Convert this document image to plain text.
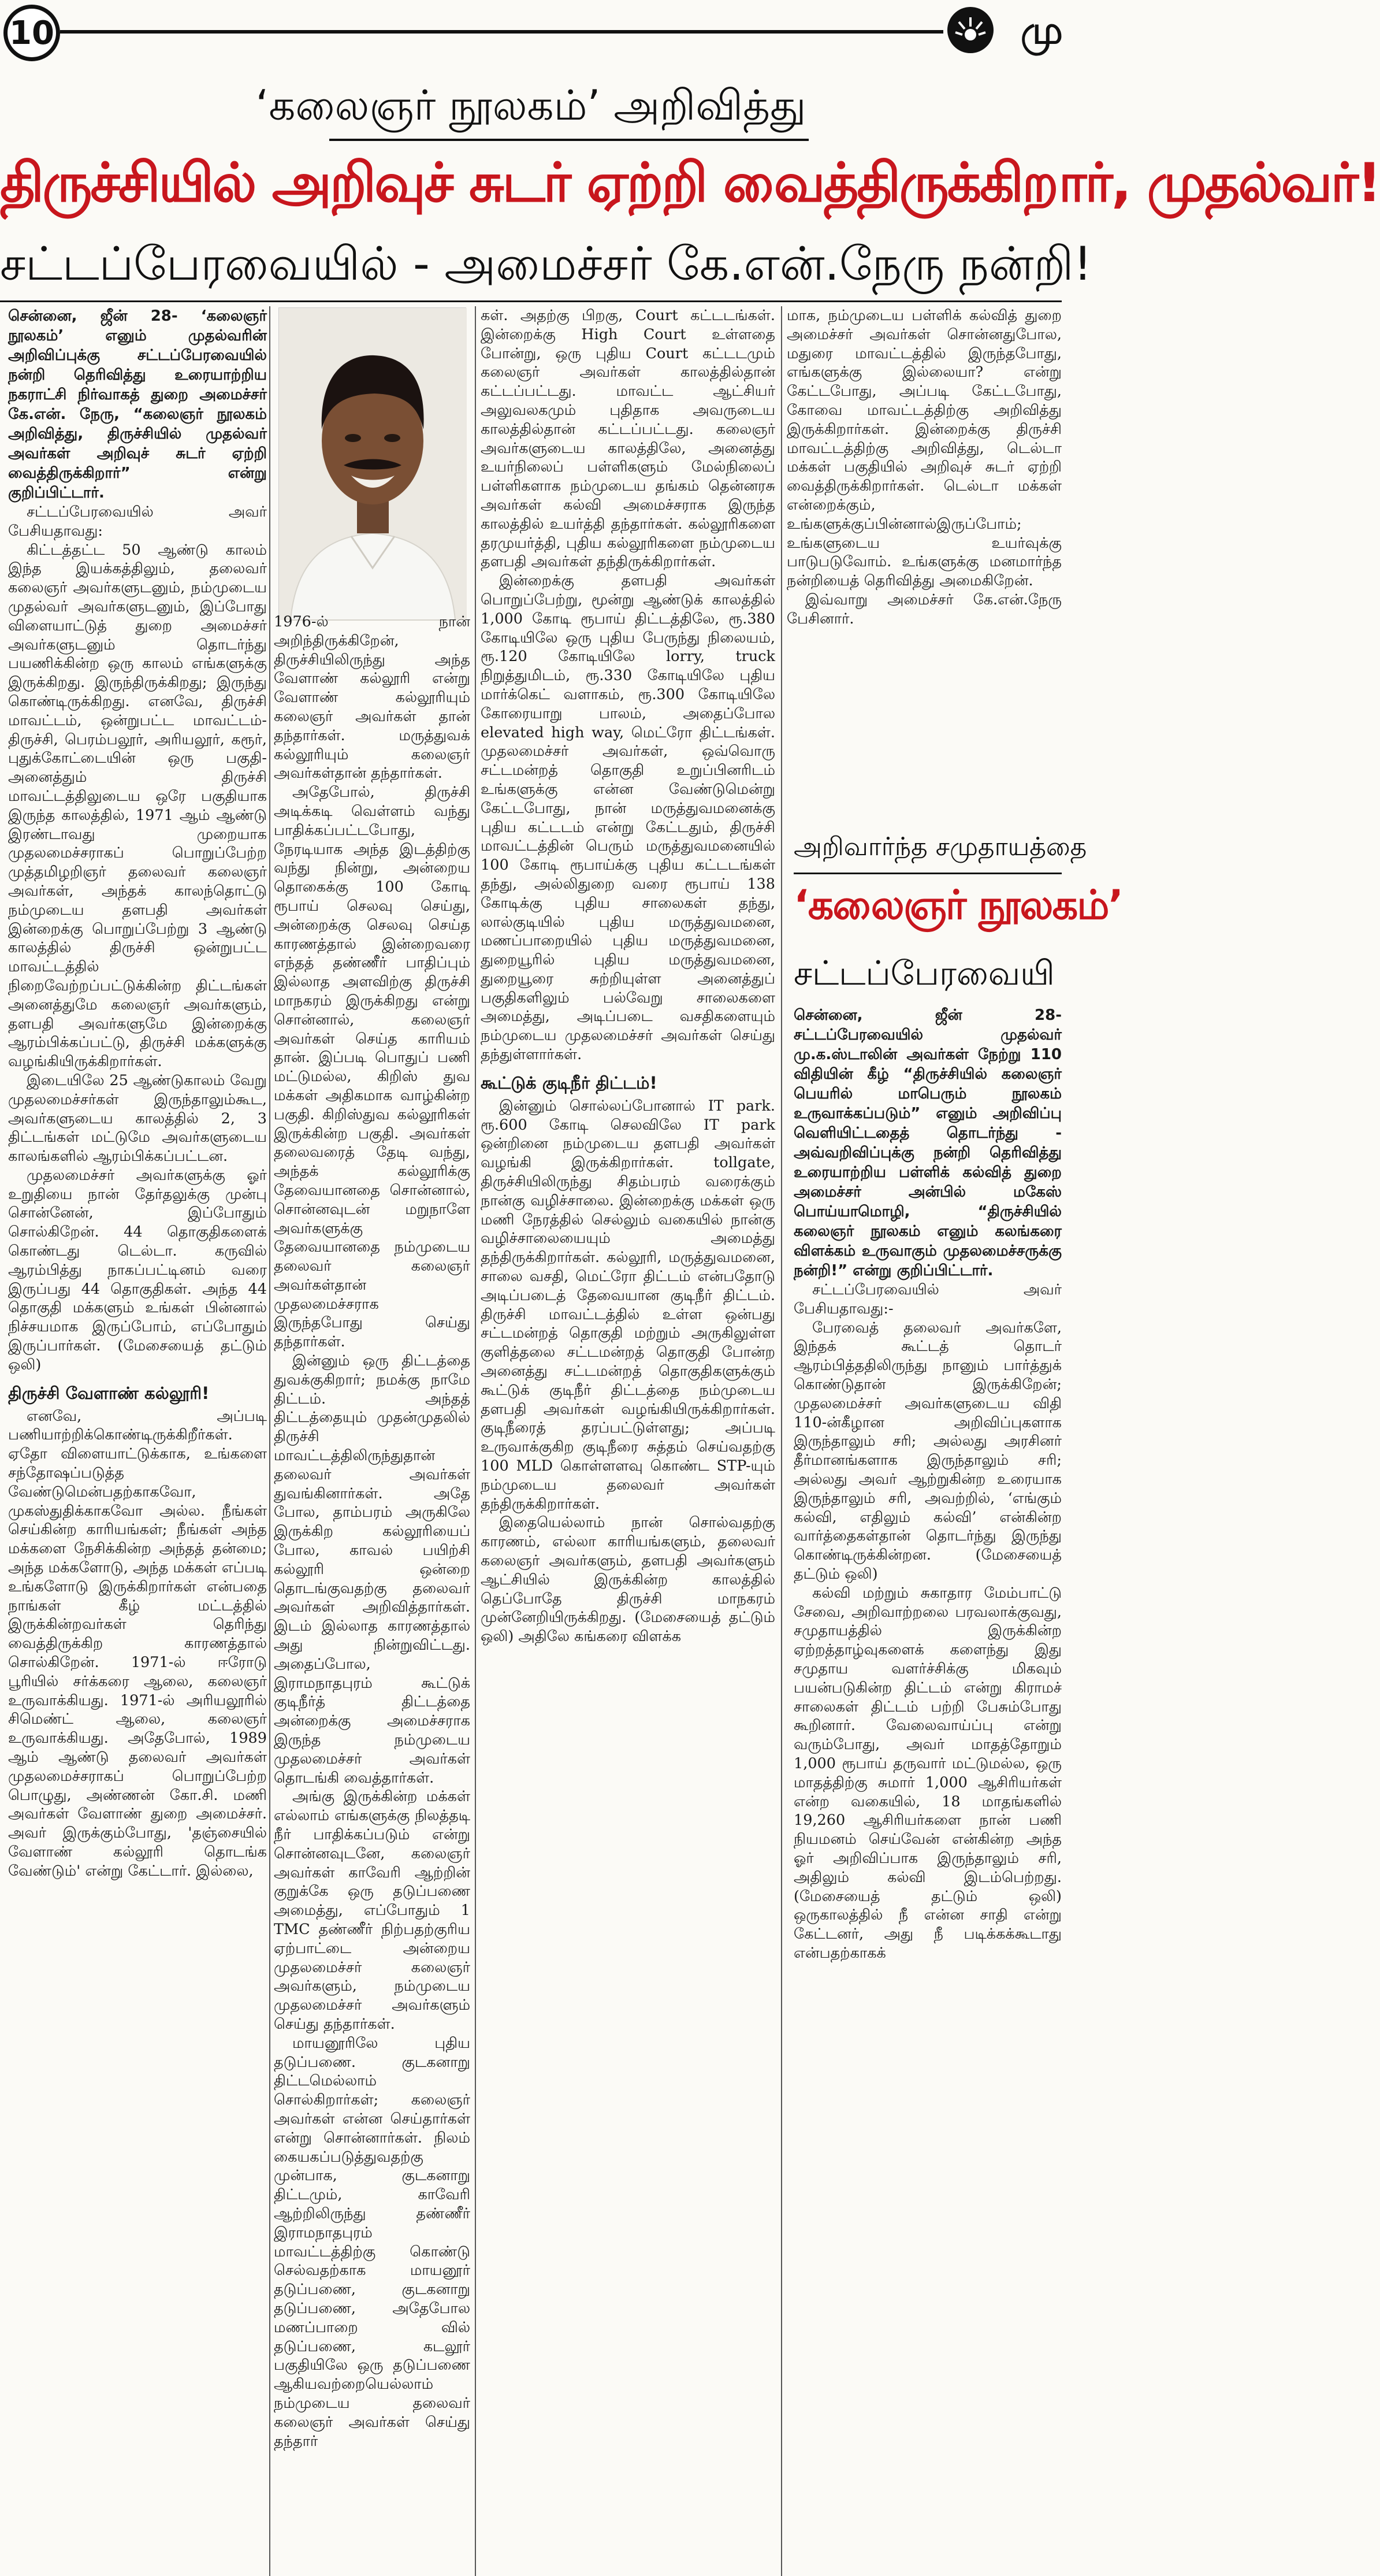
10	மு
‘கலைஞர் நூலகம்’ அறிவித்து
திருச்சியில் அறிவுச் சுடர் ஏற்றி வைத்திருக்கிறார், முதல்வர்!
சட்டப்பேரவையில் - அமைச்சர் கே.என்.நேரு நன்றி!

சென்னை, ஜீன் 28- ‘கலைஞர் நூலகம்’ எனும் முதல்வரின் அறிவிப்புக்கு சட்டப்பேரவையில் நன்றி தெரிவித்து உரையாற்றிய நகராட்சி நிர்வாகத் துறை அமைச்சர் கே.என். நேரு, “கலைஞர் நூலகம் அறிவித்து, திருச்சியில் முதல்வர் அவர்கள் அறிவுச் சுடர் ஏற்றி வைத்திருக்கிறார்” என்று குறிப்பிட்டார்.

சட்டப்பேரவையில் அவர் பேசியதாவது:

கிட்டத்தட்ட 50 ஆண்டு காலம் இந்த இயக்கத்திலும், தலைவர் கலைஞர் அவர்களுடனும், நம்முடைய முதல்வர் அவர்களுடனும், இப்போது விளையாட்டுத் துறை அமைச்சர் அவர்களுடனும் தொடர்ந்து பயணிக்கின்ற ஒரு காலம் எங்களுக்கு இருக்கிறது. இருந்திருக்கிறது; இருந்து கொண்டிருக்கிறது. எனவே, திருச்சி மாவட்டம், ஒன்றுபட்ட மாவட்டம்-திருச்சி, பெரம்பலூர், அரியலூர், கரூர், புதுக்கோட்டையின் ஒரு பகுதி-அனைத்தும் திருச்சி மாவட்டத்திலுடைய ஒரே பகுதியாக இருந்த காலத்தில், 1971 ஆம் ஆண்டு இரண்டாவது முறையாக முதலமைச்சராகப் பொறுப்பேற்ற முத்தமிழறிஞர் தலைவர் கலைஞர் அவர்கள், அந்தக் காலந்தொட்டு நம்முடைய தளபதி அவர்கள் இன்றைக்கு பொறுப்பேற்று 3 ஆண்டு காலத்தில் திருச்சி ஒன்றுபட்ட மாவட்டத்தில் நிறைவேற்றப்பட்டுக்கின்ற திட்டங்கள் அனைத்துமே கலைஞர் அவர்களும், தளபதி அவர்களுமே இன்றைக்கு ஆரம்பிக்கப்பட்டு, திருச்சி மக்களுக்கு வழங்கியிருக்கிறார்கள்.

இடையிலே 25 ஆண்டுகாலம் வேறு முதலமைச்சர்கள் இருந்தாலும்கூட, அவர்களுடைய காலத்தில் 2, 3 திட்டங்கள் மட்டுமே அவர்களுடைய காலங்களில் ஆரம்பிக்கப்பட்டன.

முதலமைச்சர் அவர்களுக்கு ஓர் உறுதியை நான் தேர்தலுக்கு முன்பு சொன்னேன், இப்போதும் சொல்கிறேன். 44 தொகுதிகளைக் கொண்டது டெல்டா. கருவில் ஆரம்பித்து நாகப்பட்டினம் வரை இருப்பது 44 தொகுதிகள். அந்த 44 தொகுதி மக்களும் உங்கள் பின்னால் நிச்சயமாக இருப்போம், எப்போதும் இருப்பார்கள். (மேசையைத் தட்டும் ஒலி)

திருச்சி வேளாண் கல்லூரி!

எனவே, அப்படி பணியாற்றிக்கொண்டிருக்கிறீர்கள். ஏதோ விளையாட்டுக்காக, உங்களை சந்தோஷப்படுத்த வேண்டுமென்பதற்காகவோ, முகஸ்துதிக்காகவோ அல்ல. நீங்கள் செய்கின்ற காரியங்கள்; நீங்கள் அந்த மக்களை நேசிக்கின்ற அந்தத் தன்மை; அந்த மக்களோடு, அந்த மக்கள் எப்படி உங்களோடு இருக்கிறார்கள் என்பதை நாங்கள் கீழ் மட்டத்தில் இருக்கின்றவர்கள் தெரிந்து வைத்திருக்கிற காரணத்தால் சொல்கிறேன். 1971-ல் ஈரோடு பூரியில் சர்க்கரை ஆலை, கலைஞர் உருவாக்கியது. 1971-ல் அரியலூரில் சிமெண்ட் ஆலை, கலைஞர் உருவாக்கியது. அதேபோல், 1989 ஆம் ஆண்டு தலைவர் அவர்கள் முதலமைச்சராகப் பொறுப்பேற்ற பொழுது, அண்ணன் கோ.சி. மணி அவர்கள் வேளாண் துறை அமைச்சர். அவர் இருக்கும்போது, 'தஞ்சையில் வேளாண் கல்லூரி தொடங்க வேண்டும்' என்று கேட்டார். இல்லை,

1976-ல் நான் அறிந்திருக்கிறேன், திருச்சியிலிருந்து அந்த வேளாண் கல்லூரி என்று வேளாண் கல்லூரியும் கலைஞர் அவர்கள் தான் தந்தார்கள். மருத்துவக் கல்லூரியும் கலைஞர் அவர்கள்தான் தந்தார்கள்.

அதேபோல், திருச்சி அடிக்கடி வெள்ளம் வந்து பாதிக்கப்பட்டபோது, நேரடியாக அந்த இடத்திற்கு வந்து நின்று, அன்றைய தொகைக்கு 100 கோடி ரூபாய் செலவு செய்து, அன்றைக்கு செலவு செய்த காரணத்தால் இன்றைவரை எந்தத் தண்ணீர் பாதிப்பும் இல்லாத அளவிற்கு திருச்சி மாநகரம் இருக்கிறது என்று சொன்னால், கலைஞர் அவர்கள் செய்த காரியம் தான். இப்படி பொதுப் பணி மட்டுமல்ல, கிறிஸ் துவ மக்கள் அதிகமாக வாழ்கின்ற பகுதி. கிறிஸ்துவ கல்லூரிகள் இருக்கின்ற பகுதி. அவர்கள் தலைவரைத் தேடி வந்து, அந்தக் கல்லூரிக்கு தேவையானதை சொன்னால், சொன்னவுடன் மறுநாளே அவர்களுக்கு தேவையானதை நம்முடைய தலைவர் கலைஞர் அவர்கள்தான் முதலமைச்சராக இருந்தபோது செய்து தந்தார்கள்.

இன்னும் ஒரு திட்டத்தை துவக்குகிறார்; நமக்கு நாமே திட்டம். அந்தத் திட்டத்தையும் முதன்முதலில் திருச்சி மாவட்டத்திலிருந்துதான் தலைவர் அவர்கள் துவங்கினார்கள். அதே போல, தாம்பரம் அருகிலே இருக்கிற கல்லூரியைப் போல, காவல் பயிற்சி கல்லூரி ஒன்றை தொடங்குவதற்கு தலைவர் அவர்கள் அறிவித்தார்கள். இடம் இல்லாத காரணத்தால் அது நின்றுவிட்டது. அதைப்போல, இராமநாதபுரம் கூட்டுக் குடிநீர்த் திட்டத்தை அன்றைக்கு அமைச்சராக இருந்த நம்முடைய முதலமைச்சர் அவர்கள் தொடங்கி வைத்தார்கள்.

அங்கு இருக்கின்ற மக்கள் எல்லாம் எங்களுக்கு நிலத்தடி நீர் பாதிக்கப்படும் என்று சொன்னவுடனே, கலைஞர் அவர்கள் காவேரி ஆற்றின் குறுக்கே ஒரு தடுப்பணை அமைத்து, எப்போதும் 1 TMC தண்ணீர் நிற்பதற்குரிய ஏற்பாட்டை அன்றைய முதலமைச்சர் கலைஞர் அவர்களும், நம்முடைய முதலமைச்சர் அவர்களும் செய்து தந்தார்கள்.

மாயனூரிலே புதிய தடுப்பணை. குடகனாறு திட்டமெல்லாம் சொல்கிறார்கள்; கலைஞர் அவர்கள் என்ன செய்தார்கள் என்று சொன்னார்கள். நிலம் கையகப்படுத்துவதற்கு முன்பாக, குடகனாறு திட்டமும், காவேரி ஆற்றிலிருந்து தண்ணீர் இராமநாதபுரம் மாவட்டத்திற்கு கொண்டு செல்வதற்காக மாயனூர் தடுப்பணை, குடகனாறு தடுப்பணை, அதேபோல மணப்பாறை வில் தடுப்பணை, கடலூர் பகுதியிலே ஒரு தடுப்பணை ஆகியவற்றையெல்லாம் நம்முடைய தலைவர் கலைஞர் அவர்கள் செய்து தந்தார்

கள். அதற்கு பிறகு, Court கட்டடங்கள். இன்றைக்கு High Court உள்ளதை போன்று, ஒரு புதிய Court கட்டடமும் கலைஞர் அவர்கள் காலத்தில்தான் கட்டப்பட்டது. மாவட்ட ஆட்சியர் அலுவலகமும் புதிதாக அவருடைய காலத்தில்தான் கட்டப்பட்டது. கலைஞர் அவர்களுடைய காலத்திலே, அனைத்து உயர்நிலைப் பள்ளிகளும் மேல்நிலைப் பள்ளிகளாக நம்முடைய தங்கம் தென்னரசு அவர்கள் கல்வி அமைச்சராக இருந்த காலத்தில் உயர்த்தி தந்தார்கள். கல்லூரிகளை தரமுயர்த்தி, புதிய கல்லூரிகளை நம்முடைய தளபதி அவர்கள் தந்திருக்கிறார்கள்.

இன்றைக்கு தளபதி அவர்கள் பொறுப்பேற்று, மூன்று ஆண்டுக் காலத்தில் 1,000 கோடி ரூபாய் திட்டத்திலே, ரூ.380 கோடியிலே ஒரு புதிய பேருந்து நிலையம், ரூ.120 கோடியிலே lorry, truck நிறுத்துமிடம், ரூ.330 கோடியிலே புதிய மார்க்கெட் வளாகம், ரூ.300 கோடியிலே கோரையாறு பாலம், அதைப்போல elevated high way, மெட்ரோ திட்டங்கள். முதலமைச்சர் அவர்கள், ஒவ்வொரு சட்டமன்றத் தொகுதி உறுப்பினரிடம் உங்களுக்கு என்ன வேண்டுமென்று கேட்டபோது, நான் மருத்துவமனைக்கு புதிய கட்டடம் என்று கேட்டதும், திருச்சி மாவட்டத்தின் பெரும் மருத்துவமனையில் 100 கோடி ரூபாய்க்கு புதிய கட்டடங்கள் தந்து, அல்லிதுறை வரை ரூபாய் 138 கோடிக்கு புதிய சாலைகள் தந்து, லால்குடியில் புதிய மருத்துவமனை, மணப்பாறையில் புதிய மருத்துவமனை, துறையூரில் புதிய மருத்துவமனை, துறையூரை சுற்றியுள்ள அனைத்துப் பகுதிகளிலும் பல்வேறு சாலைகளை அமைத்து, அடிப்படை வசதிகளையும் நம்முடைய முதலமைச்சர் அவர்கள் செய்து தந்துள்ளார்கள்.

கூட்டுக் குடிநீர் திட்டம்!

இன்னும் சொல்லப்போனால் IT park. ரூ.600 கோடி செலவிலே IT park ஒன்றினை நம்முடைய தளபதி அவர்கள் வழங்கி இருக்கிறார்கள். tollgate, திருச்சியிலிருந்து சிதம்பரம் வரைக்கும் நான்கு வழிச்சாலை. இன்றைக்கு மக்கள் ஒரு மணி நேரத்தில் செல்லும் வகையில் நான்கு வழிச்சாலையையும் அமைத்து தந்திருக்கிறார்கள். கல்லூரி, மருத்துவமனை, சாலை வசதி, மெட்ரோ திட்டம் என்பதோடு அடிப்படைத் தேவையான குடிநீர் திட்டம். திருச்சி மாவட்டத்தில் உள்ள ஒன்பது சட்டமன்றத் தொகுதி மற்றும் அருகிலுள்ள குளித்தலை சட்டமன்றத் தொகுதி போன்ற அனைத்து சட்டமன்றத் தொகுதிகளுக்கும் கூட்டுக் குடிநீர் திட்டத்தை நம்முடைய தளபதி அவர்கள் வழங்கியிருக்கிறார்கள். குடிநீரைத் தரப்பட்டுள்ளது; அப்படி உருவாக்குகிற குடிநீரை சுத்தம் செய்வதற்கு 100 MLD கொள்ளளவு கொண்ட STP-யும் நம்முடைய தலைவர் அவர்கள் தந்திருக்கிறார்கள்.

இதையெல்லாம் நான் சொல்வதற்கு காரணம், எல்லா காரியங்களும், தலைவர் கலைஞர் அவர்களும், தளபதி அவர்களும் ஆட்சியில் இருக்கின்ற காலத்தில் தெப்போதே திருச்சி மாநகரம் முன்னேறியிருக்கிறது. (மேசையைத் தட்டும் ஒலி) அதிலே கங்கரை விளக்க

மாக, நம்முடைய பள்ளிக் கல்வித் துறை அமைச்சர் அவர்கள் சொன்னதுபோல, மதுரை மாவட்டத்தில் இருந்தபோது, எங்களுக்கு இல்லையா? என்று கேட்டபோது, அப்படி கேட்டபோது, கோவை மாவட்டத்திற்கு அறிவித்து இருக்கிறார்கள். இன்றைக்கு திருச்சி மாவட்டத்திற்கு அறிவித்து, டெல்டா மக்கள் பகுதியில் அறிவுச் சுடர் ஏற்றி வைத்திருக்கிறார்கள். டெல்டா மக்கள் என்றைக்கும், உங்களுக்குப்பின்னால்இருப்போம்; உங்களுடைய உயர்வுக்கு பாடுபடுவோம். உங்களுக்கு மனமார்ந்த நன்றியைத் தெரிவித்து அமைகிறேன்.

இவ்வாறு அமைச்சர் கே.என்.நேரு பேசினார்.

அறிவார்ந்த சமுதாயத்தை
‘கலைஞர் நூலகம்’
சட்டப்பேரவையி

சென்னை, ஜீன் 28- சட்டப்பேரவையில் முதல்வர் மு.க.ஸ்டாலின் அவர்கள் நேற்று 110 விதியின் கீழ் “திருச்சியில் கலைஞர் பெயரில் மாபெரும் நூலகம் உருவாக்கப்படும்” எனும் அறிவிப்பு வெளியிட்டதைத் தொடர்ந்து - அவ்வறிவிப்புக்கு நன்றி தெரிவித்து உரையாற்றிய பள்ளிக் கல்வித் துறை அமைச்சர் அன்பில் மகேஸ் பொய்யாமொழி, “திருச்சியில் கலைஞர் நூலகம் எனும் கலங்கரை விளக்கம் உருவாகும் முதலமைச்சருக்கு நன்றி!” என்று குறிப்பிட்டார்.

சட்டப்பேரவையில் அவர் பேசியதாவது:-

பேரவைத் தலைவர் அவர்களே, இந்தக் கூட்டத் தொடர் ஆரம்பித்ததிலிருந்து நானும் பார்த்துக் கொண்டுதான் இருக்கிறேன்; முதலமைச்சர் அவர்களுடைய விதி 110-ன்கீழான அறிவிப்புகளாக இருந்தாலும் சரி; அல்லது அரசினர் தீர்மானங்களாக இருந்தாலும் சரி; அல்லது அவர் ஆற்றுகின்ற உரையாக இருந்தாலும் சரி, அவற்றில், ‘எங்கும் கல்வி, எதிலும் கல்வி’ என்கின்ற வார்த்தைகள்தான் தொடர்ந்து இருந்து கொண்டிருக்கின்றன. (மேசையைத் தட்டும் ஒலி)

கல்வி மற்றும் சுகாதார மேம்பாட்டு சேவை, அறிவாற்றலை பரவலாக்குவது, சமுதாயத்தில் இருக்கின்ற ஏற்றத்தாழ்வுகளைக் களைந்து இது சமுதாய வளர்ச்சிக்கு மிகவும் பயன்படுகின்ற திட்டம் என்று கிராமச் சாலைகள் திட்டம் பற்றி பேசும்போது கூறினார். வேலைவாய்ப்பு என்று வரும்போது, அவர் மாதத்தோறும் 1,000 ரூபாய் தருவார் மட்டுமல்ல, ஒரு மாதத்திற்கு சுமார் 1,000 ஆசிரியர்கள் என்ற வகையில், 18 மாதங்களில் 19,260 ஆசிரியர்களை நான் பணி நியமனம் செய்வேன் என்கின்ற அந்த ஓர் அறிவிப்பாக இருந்தாலும் சரி, அதிலும் கல்வி இடம்பெற்றது. (மேசையைத் தட்டும் ஒலி) ஒருகாலத்தில் நீ என்ன சாதி என்று கேட்டனர், அது நீ படிக்கக்கூடாது என்பதற்காகக்
